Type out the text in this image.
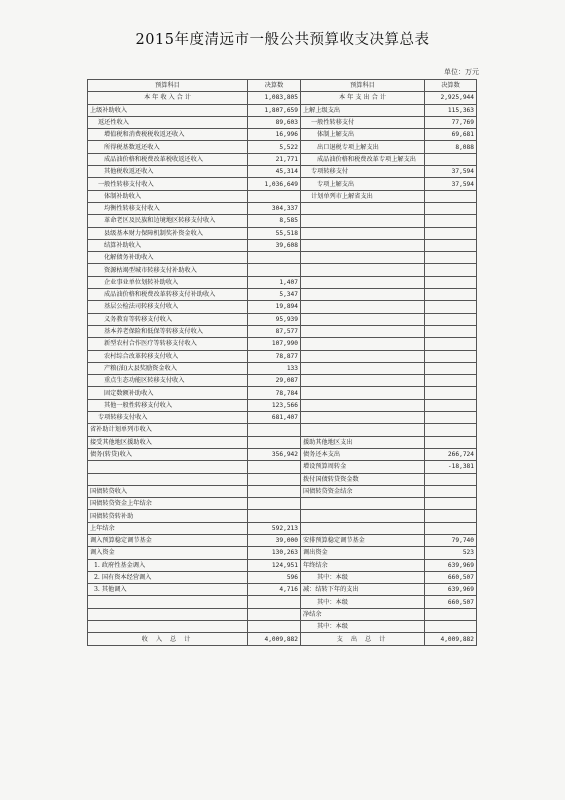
2015年度清远市一般公共预算收支决算总表
单位：万元
预算科目	决算数	预算科目	决算数
本 年 收 入 合 计	1,083,805	本 年 支 出 合 计	2,925,944
上级补助收入	1,807,659	上解上级支出	115,363
返还性收入	89,603	一般性转移支付	77,769
增值税和消费税税收返还收入	16,996	体制上解支出	69,681
所得税基数返还收入	5,522	出口退税专项上解支出	8,088
成品油价格和税费改革税收返还收入	21,771	成品油价格和税费改革专项上解支出	
其他税收返还收入	45,314	专项转移支付	37,594
一般性转移支付收入	1,036,649	专项上解支出	37,594
体制补助收入		计划单列市上解省支出	
均衡性转移支付收入	304,337		
革命老区及民族和边境地区转移支付收入	8,585		
县级基本财力保障机制奖补资金收入	55,518		
结算补助收入	39,608		
化解债务补助收入			
资源枯竭型城市转移支付补助收入			
企业事业单位划转补助收入	1,407		
成品油价格和税费改革转移支付补助收入	5,347		
基层公检法司转移支付收入	19,894		
义务教育等转移支付收入	95,939		
基本养老保险和低保等转移支付收入	87,577		
新型农村合作医疗等转移支付收入	107,990		
农村综合改革转移支付收入	78,877		
产粮(油)大县奖励资金收入	133		
重点生态功能区转移支付收入	29,087		
固定数额补助收入	78,784		
其他一般性转移支付收入	123,566		
专项转移支付收入	681,407		
省补助计划单列市收入			
接受其他地区援助收入		援助其他地区支出	
债务(转贷)收入	356,942	债务还本支出	266,724
		增设预算周转金	-18,381
		拨付国债转贷资金数	
国债转贷收入		国债转贷资金结余	
国债转贷资金上年结余			
国债转贷转补助			
上年结余	592,213		
调入预算稳定调节基金	39,000	安排预算稳定调节基金	79,740
调入资金	130,263	调出资金	523
1. 政府性基金调入	124,951	年终结余	639,969
2. 国有资本经营调入	596	其中：本级	660,507
3. 其他调入	4,716	减：结转下年的支出	639,969
		其中：本级	660,507
		净结余	
		其中：本级	
收 入 总 计	4,009,882	支 出 总 计	4,009,882
